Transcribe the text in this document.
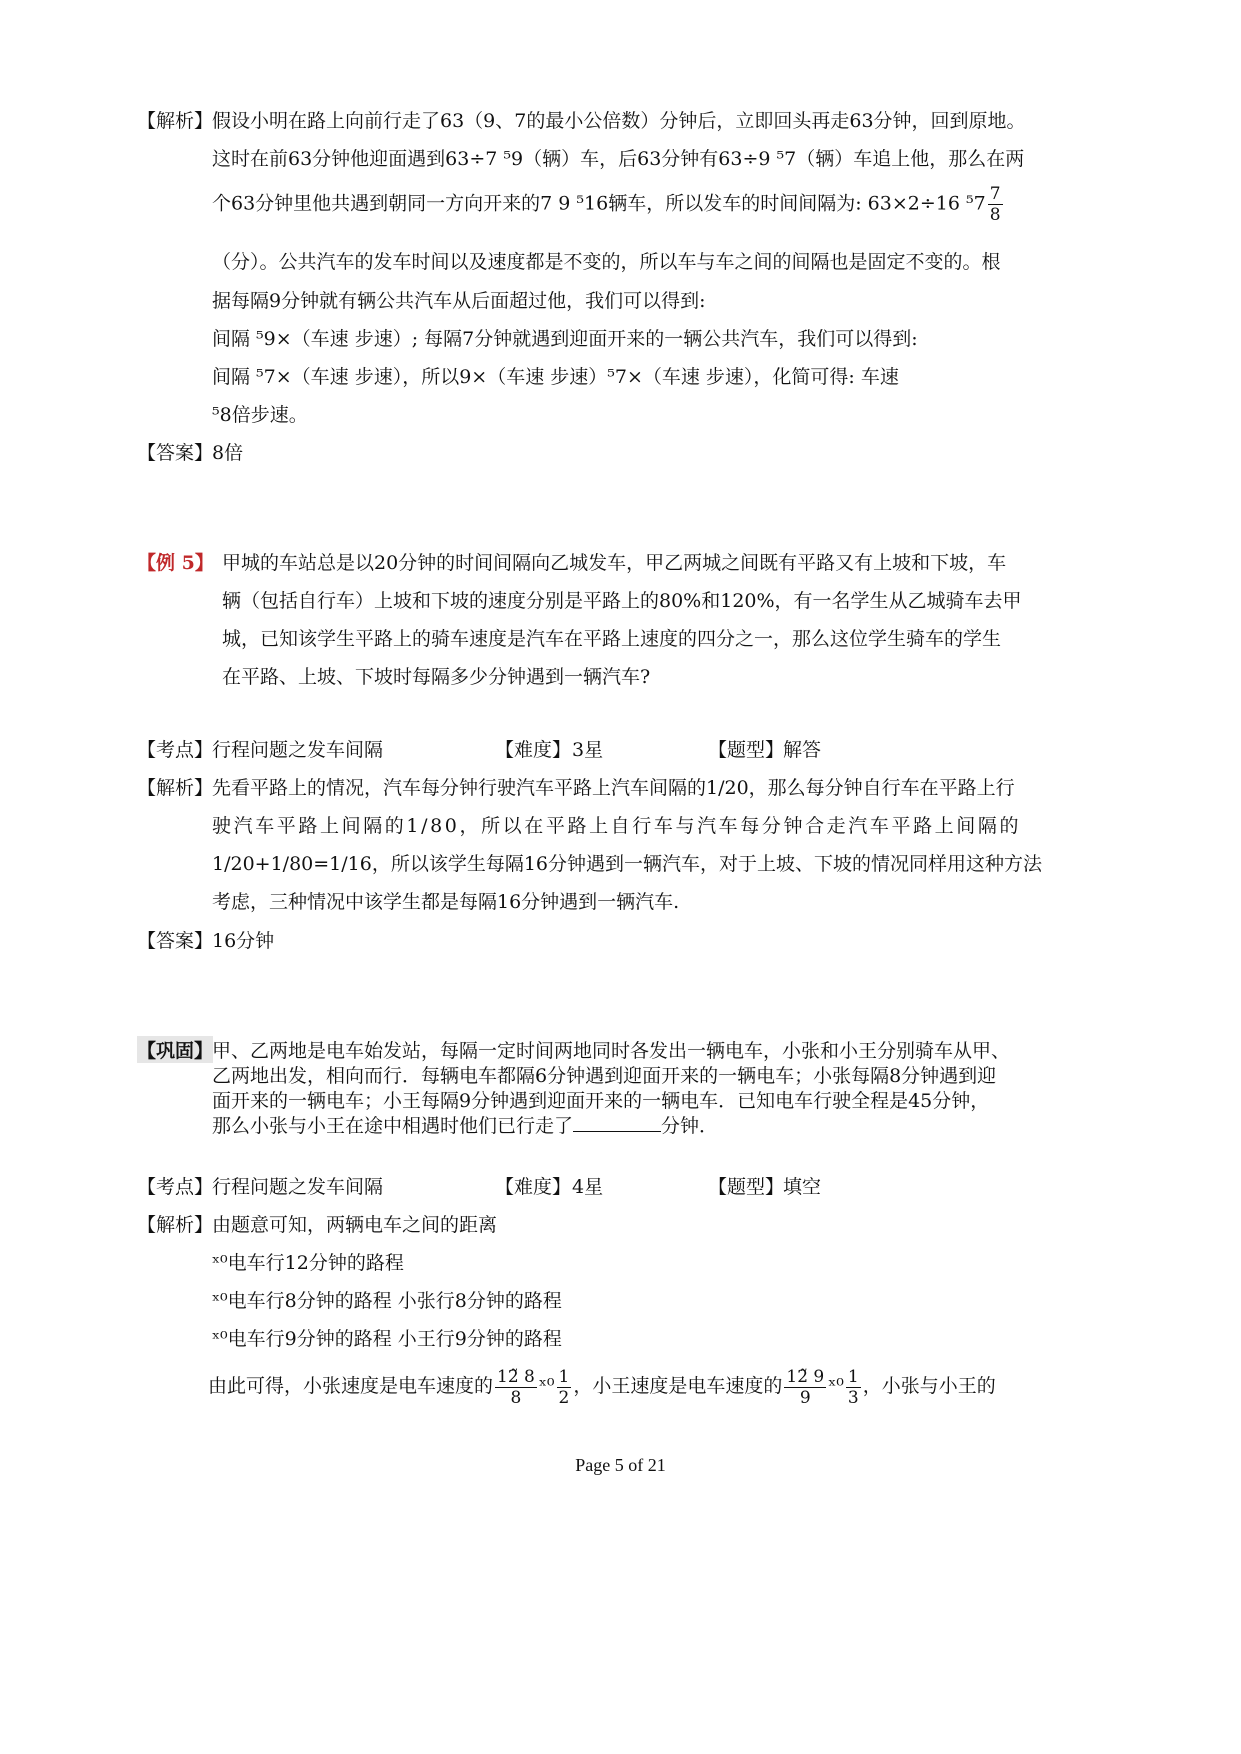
【解析】
假设小明在路上向前行走了63（9、7的最小公倍数）分钟后，立即回头再走63分钟，回到原地。
这时在前63分钟他迎面遇到63÷7 ⁵9（辆）车，后63分钟有63÷9 ⁵7（辆）车追上他，那么在两
个63分钟里他共遇到朝同一方向开来的7 9 ⁵16辆车，所以发车的时间间隔为: 63×2÷16 $^57 \frac{7}{8}$
（分）。公共汽车的发车时间以及速度都是不变的，所以车与车之间的间隔也是固定不变的。根
据每隔9分钟就有辆公共汽车从后面超过他，我们可以得到:
间隔 ⁵9×（车速 步速）; 每隔7分钟就遇到迎面开来的一辆公共汽车，我们可以得到:
间隔 ⁵7×（车速 步速），所以9×（车速 步速）⁵7×（车速 步速），化简可得: 车速
⁵8倍步速。
【答案】
8倍
【例 5】 甲城的车站总是以20分钟的时间间隔向乙城发车，甲乙两城之间既有平路又有上坡和下坡，车
辆（包括自行车）上坡和下坡的速度分别是平路上的80%和120%，有一名学生从乙城骑车去甲
城，已知该学生平路上的骑车速度是汽车在平路上速度的四分之一，那么这位学生骑车的学生
在平路、上坡、下坡时每隔多少分钟遇到一辆汽车?
【考点】
行程问题之发车间隔	【难度】 3星	【题型】
解答
【解析】
先看平路上的情况，汽车每分钟行驶汽车平路上汽车间隔的1/20，那么每分钟自行车在平路上行
驶汽车平路上间隔的1/80，所以在平路上自行车与汽车每分钟合走汽车平路上间隔的
1/20+1/80=1/16，所以该学生每隔16分钟遇到一辆汽车，对于上坡、下坡的情况同样用这种方法
考虑，三种情况中该学生都是每隔16分钟遇到一辆汽车.
【答案】
16分钟
【巩固】
甲、乙两地是电车始发站，每隔一定时间两地同时各发出一辆电车，小张和小王分别骑车从甲、
乙两地出发，相向而行．每辆电车都隔6分钟遇到迎面开来的一辆电车；小张每隔8分钟遇到迎
面开来的一辆电车；小王每隔9分钟遇到迎面开来的一辆电车．已知电车行驶全程是45分钟，
那么小张与小王在途中相遇时他们已行走了	分钟．
【考点】
行程问题之发车间隔	【难度】 4星	【题型】
填空
【解析】
由题意可知，两辆电车之间的距离
ˣ⁰电车行12分钟的路程
ˣ⁰电车行8分钟的路程 小张行8分钟的路程
ˣ⁰电车行9分钟的路程 小王行9分钟的路程
由此可得，小张速度是电车速度的 $\frac{12̃ 8}{8}$ ˣ⁰ $\frac{1}{2}$ ，小王速度是电车速度的 $\frac{12̃ 9}{9}$ ˣ⁰ $\frac{1}{3}$ ，小张与小王的
Page 5 of 21
